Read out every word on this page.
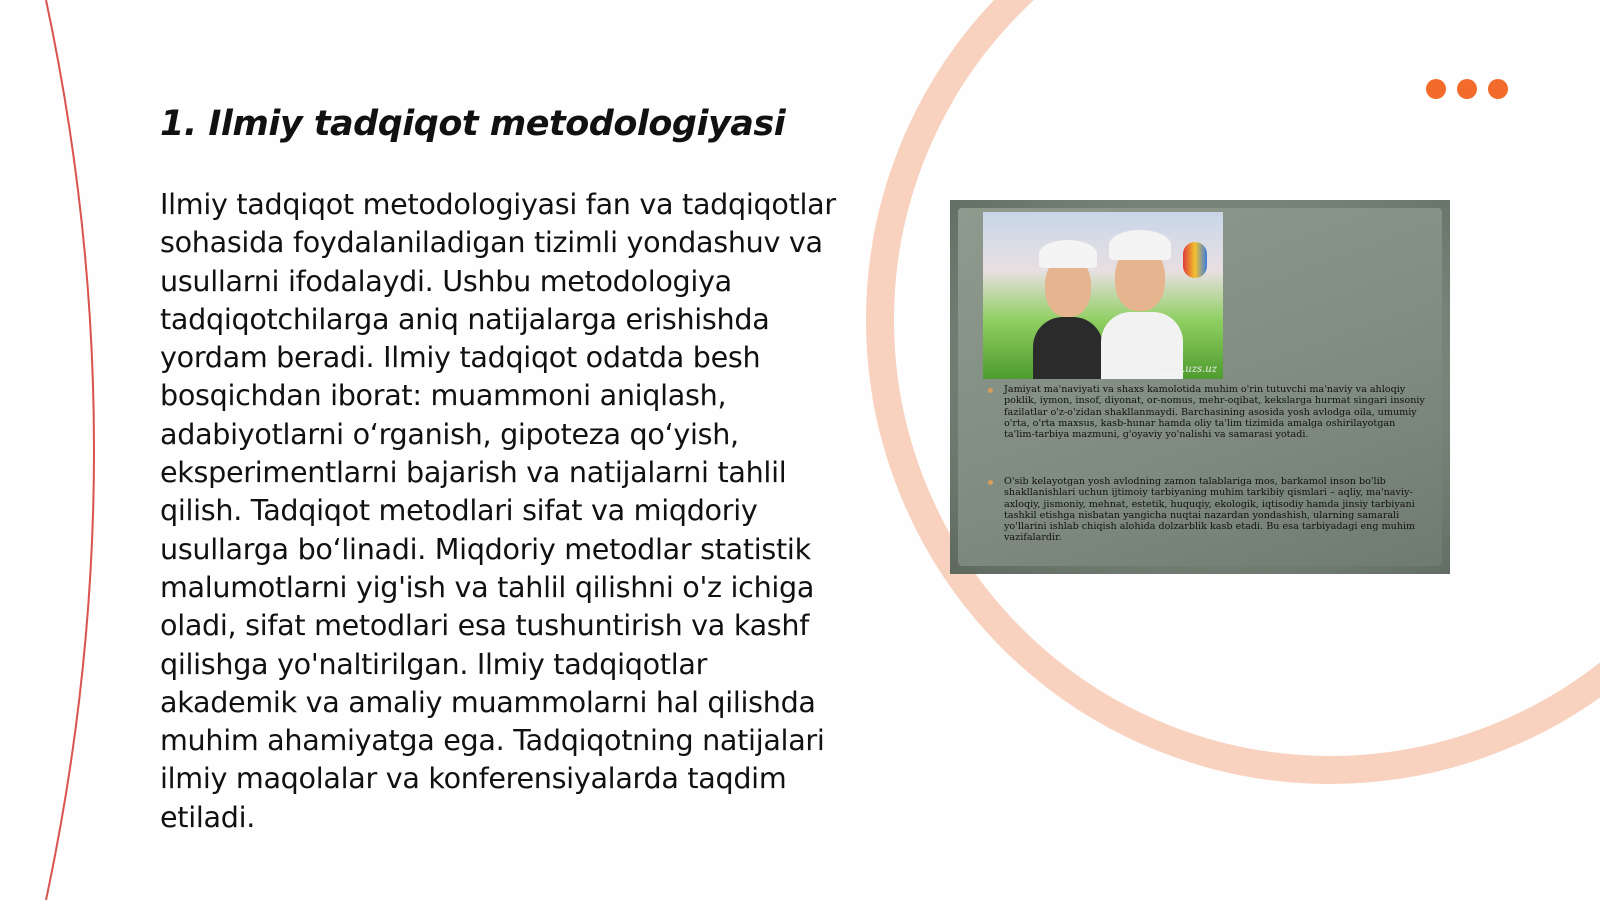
1. Ilmiy tadqiqot metodologiyasi

Ilmiy tadqiqot metodologiyasi fan va tadqiqotlar sohasida foydalaniladigan tizimli yondashuv va usullarni ifodalaydi. Ushbu metodologiya tadqiqotchilarga aniq natijalarga erishishda yordam beradi. Ilmiy tadqiqot odatda besh bosqichdan iborat: muammoni aniqlash, adabiyotlarni o‘rganish, gipoteza qo‘yish, eksperimentlarni bajarish va natijalarni tahlil qilish. Tadqiqot metodlari sifat va miqdoriy usullarga bo‘linadi. Miqdoriy metodlar statistik malumotlarni yig'ish va tahlil qilishni o'z ichiga oladi, sifat metodlari esa tushuntirish va kashf qilishga yo'naltirilgan. Ilmiy tadqiqotlar akademik va amaliy muammolarni hal qilishda muhim ahamiyatga ega. Tadqiqotning natijalari ilmiy maqolalar va konferensiyalarda taqdim etiladi.

www.uzs.uz

Jamiyat ma'naviyati va shaxs kamolotida muhim o'rin tutuvchi ma'naviy va ahloqiy poklik, iymon, insof, diyonat, or-nomus, mehr-oqibat, kekslarga hurmat singari insoniy fazilatlar o'z-o'zidan shakllanmaydi. Barchasining asosida yosh avlodga oila, umumiy o'rta, o'rta maxsus, kasb-hunar hamda oliy ta'lim tizimida amalga oshirilayotgan ta'lim-tarbiya mazmuni, g'oyaviy yo'nalishi va samarasi yotadi.

O'sib kelayotgan yosh avlodning zamon talablariga mos, barkamol inson bo'lib shakllanishlari uchun ijtimoiy tarbiyaning muhim tarkibiy qismlari – aqliy, ma'naviy-axloqiy, jismoniy, mehnat, estetik, huquqiy, ekologik, iqtisodiy hamda jinsiy tarbiyani tashkil etishga nisbatan yangicha nuqtai nazardan yondashish, ularning samarali yo'llarini ishlab chiqish alohida dolzarblik kasb etadi. Bu esa tarbiyadagi eng muhim vazifalardir.
